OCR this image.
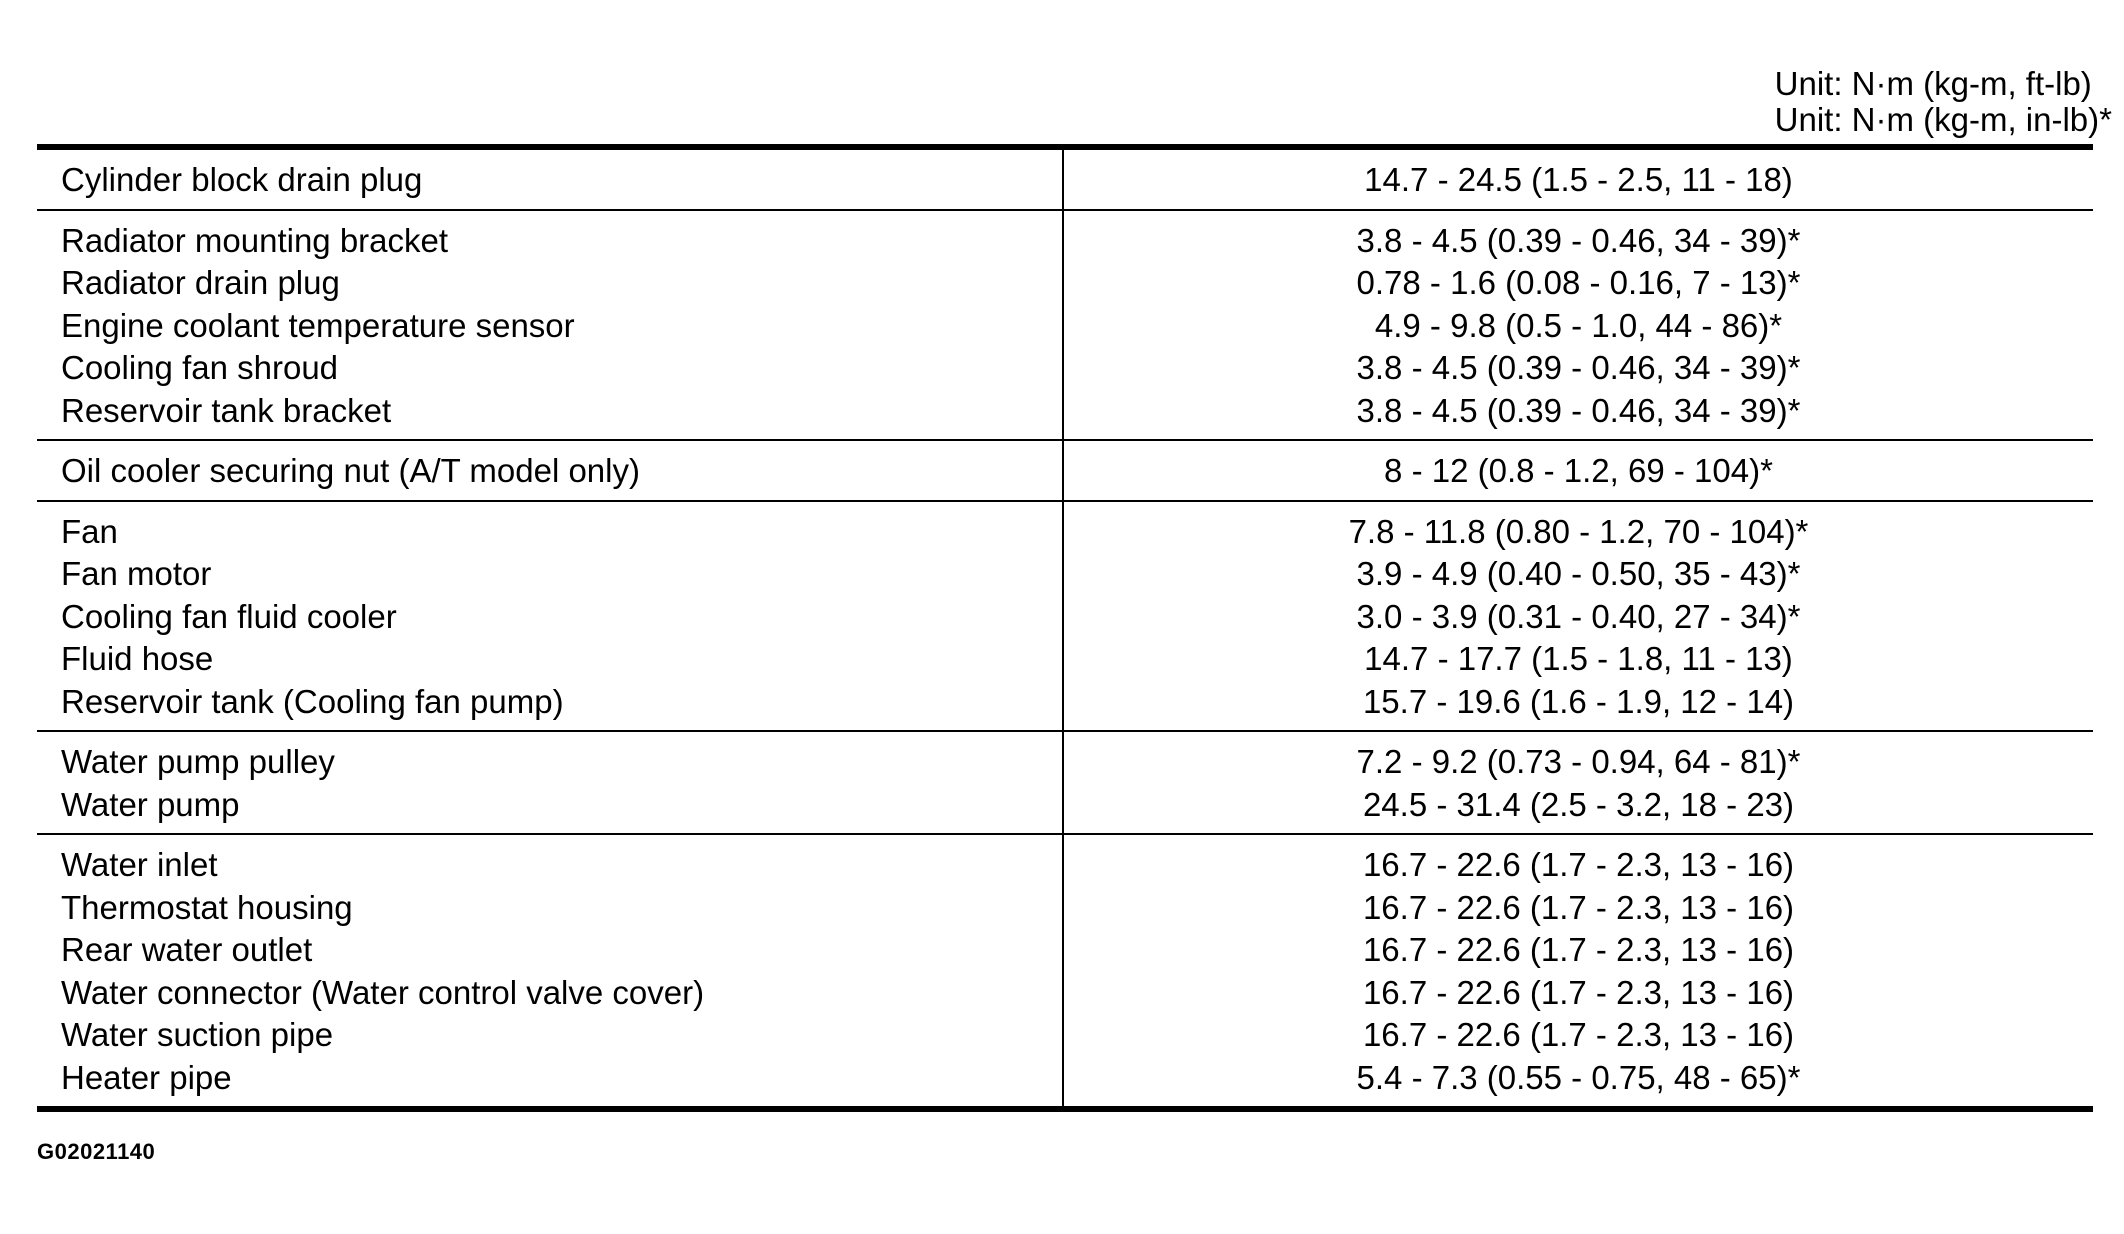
Unit: N·m (kg-m, ft-lb)
Unit: N·m (kg-m, in-lb)*
Cylinder block drain plug	14.7 - 24.5 (1.5 - 2.5, 11 - 18)
Radiator mounting bracket
Radiator drain plug
Engine coolant temperature sensor
Cooling fan shroud
Reservoir tank bracket
3.8 - 4.5 (0.39 - 0.46, 34 - 39)*
0.78 - 1.6 (0.08 - 0.16, 7 - 13)*
4.9 - 9.8 (0.5 - 1.0, 44 - 86)*
3.8 - 4.5 (0.39 - 0.46, 34 - 39)*
3.8 - 4.5 (0.39 - 0.46, 34 - 39)*
Oil cooler securing nut (A/T model only)	8 - 12 (0.8 - 1.2, 69 - 104)*
Fan
Fan motor
Cooling fan fluid cooler
Fluid hose
Reservoir tank (Cooling fan pump)
7.8 - 11.8 (0.80 - 1.2, 70 - 104)*
3.9 - 4.9 (0.40 - 0.50, 35 - 43)*
3.0 - 3.9 (0.31 - 0.40, 27 - 34)*
14.7 - 17.7 (1.5 - 1.8, 11 - 13)
15.7 - 19.6 (1.6 - 1.9, 12 - 14)
Water pump pulley
Water pump
7.2 - 9.2 (0.73 - 0.94, 64 - 81)*
24.5 - 31.4 (2.5 - 3.2, 18 - 23)
Water inlet
Thermostat housing
Rear water outlet
Water connector (Water control valve cover)
Water suction pipe
Heater pipe
16.7 - 22.6 (1.7 - 2.3, 13 - 16)
16.7 - 22.6 (1.7 - 2.3, 13 - 16)
16.7 - 22.6 (1.7 - 2.3, 13 - 16)
16.7 - 22.6 (1.7 - 2.3, 13 - 16)
16.7 - 22.6 (1.7 - 2.3, 13 - 16)
5.4 - 7.3 (0.55 - 0.75, 48 - 65)*
G02021140
